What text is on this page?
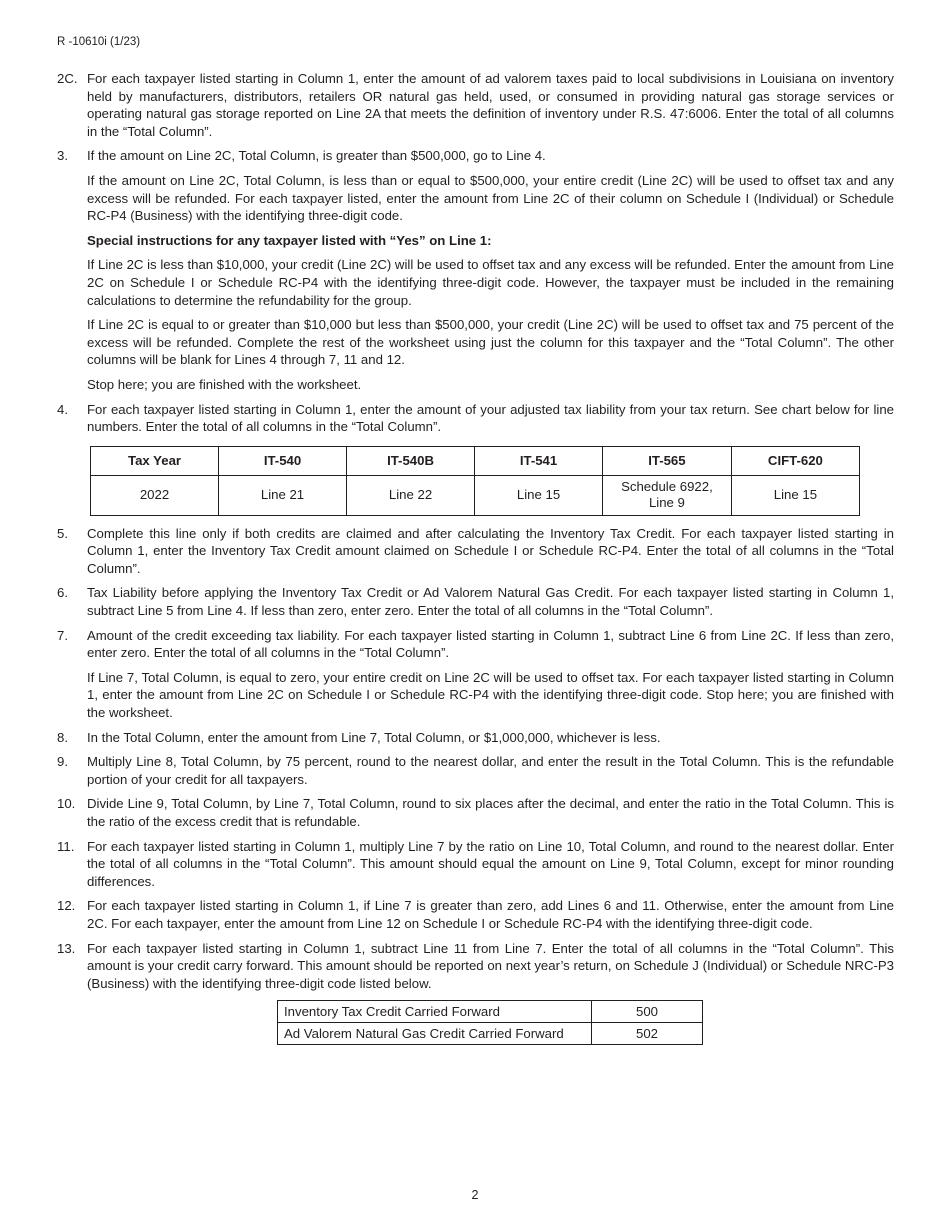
R -10610i (1/23)
2C. For each taxpayer listed starting in Column 1, enter the amount of ad valorem taxes paid to local subdivisions in Louisiana on inventory held by manufacturers, distributors, retailers OR natural gas held, used, or consumed in providing natural gas storage services or operating natural gas storage reported on Line 2A that meets the definition of inventory under R.S. 47:6006. Enter the total of all columns in the “Total Column”.

3.	If the amount on Line 2C, Total Column, is greater than $500,000, go to Line 4.

If the amount on Line 2C, Total Column, is less than or equal to $500,000, your entire credit (Line 2C) will be used to offset tax and any excess will be refunded. For each taxpayer listed, enter the amount from Line 2C of their column on Schedule I (Individual) or Schedule RC-P4 (Business) with the identifying three-digit code.

Special instructions for any taxpayer listed with “Yes” on Line 1:

If Line 2C is less than $10,000, your credit (Line 2C) will be used to offset tax and any excess will be refunded. Enter the amount from Line 2C on Schedule I or Schedule RC-P4 with the identifying three-digit code. However, the taxpayer must be included in the remaining calculations to determine the refundability for the group.

If Line 2C is equal to or greater than $10,000 but less than $500,000, your credit (Line 2C) will be used to offset tax and 75 percent of the excess will be refunded. Complete the rest of the worksheet using just the column for this taxpayer and the “Total Column”. The other columns will be blank for Lines 4 through 7, 11 and 12.

Stop here; you are finished with the worksheet.

4.	For each taxpayer listed starting in Column 1, enter the amount of your adjusted tax liability from your tax return. See chart below for line numbers. Enter the total of all columns in the “Total Column”.

Tax Year	IT-540	IT-540B	IT-541	IT-565	CIFT-620
2022	Line 21	Line 22	Line 15	Schedule 6922,
Line 9	Line 15
5.	Complete this line only if both credits are claimed and after calculating the Inventory Tax Credit. For each taxpayer listed starting in Column 1, enter the Inventory Tax Credit amount claimed on Schedule I or Schedule RC-P4. Enter the total of all columns in the “Total Column”.

6.	Tax Liability before applying the Inventory Tax Credit or Ad Valorem Natural Gas Credit. For each taxpayer listed starting in Column 1, subtract Line 5 from Line 4. If less than zero, enter zero. Enter the total of all columns in the “Total Column”.

7.	Amount of the credit exceeding tax liability. For each taxpayer listed starting in Column 1, subtract Line 6 from Line 2C. If less than zero, enter zero. Enter the total of all columns in the “Total Column”.

If Line 7, Total Column, is equal to zero, your entire credit on Line 2C will be used to offset tax. For each taxpayer listed starting in Column 1, enter the amount from Line 2C on Schedule I or Schedule RC-P4 with the identifying three-digit code. Stop here; you are finished with the worksheet.

8.	In the Total Column, enter the amount from Line 7, Total Column, or $1,000,000, whichever is less.

9.	Multiply Line 8, Total Column, by 75 percent, round to the nearest dollar, and enter the result in the Total Column. This is the refundable portion of your credit for all taxpayers.

10. Divide Line 9, Total Column, by Line 7, Total Column, round to six places after the decimal, and enter the ratio in the Total Column. This is the ratio of the excess credit that is refundable.

11. For each taxpayer listed starting in Column 1, multiply Line 7 by the ratio on Line 10, Total Column, and round to the nearest dollar. Enter the total of all columns in the “Total Column”. This amount should equal the amount on Line 9, Total Column, except for minor rounding differences.

12. For each taxpayer listed starting in Column 1, if Line 7 is greater than zero, add Lines 6 and 11. Otherwise, enter the amount from Line 2C. For each taxpayer, enter the amount from Line 12 on Schedule I or Schedule RC-P4 with the identifying three-digit code.

13. For each taxpayer listed starting in Column 1, subtract Line 11 from Line 7. Enter the total of all columns in the “Total Column”. This amount is your credit carry forward. This amount should be reported on next year’s return, on Schedule J (Individual) or Schedule NRC-P3 (Business) with the identifying three-digit code listed below.

Inventory Tax Credit Carried Forward	500
Ad Valorem Natural Gas Credit Carried Forward	502
2
